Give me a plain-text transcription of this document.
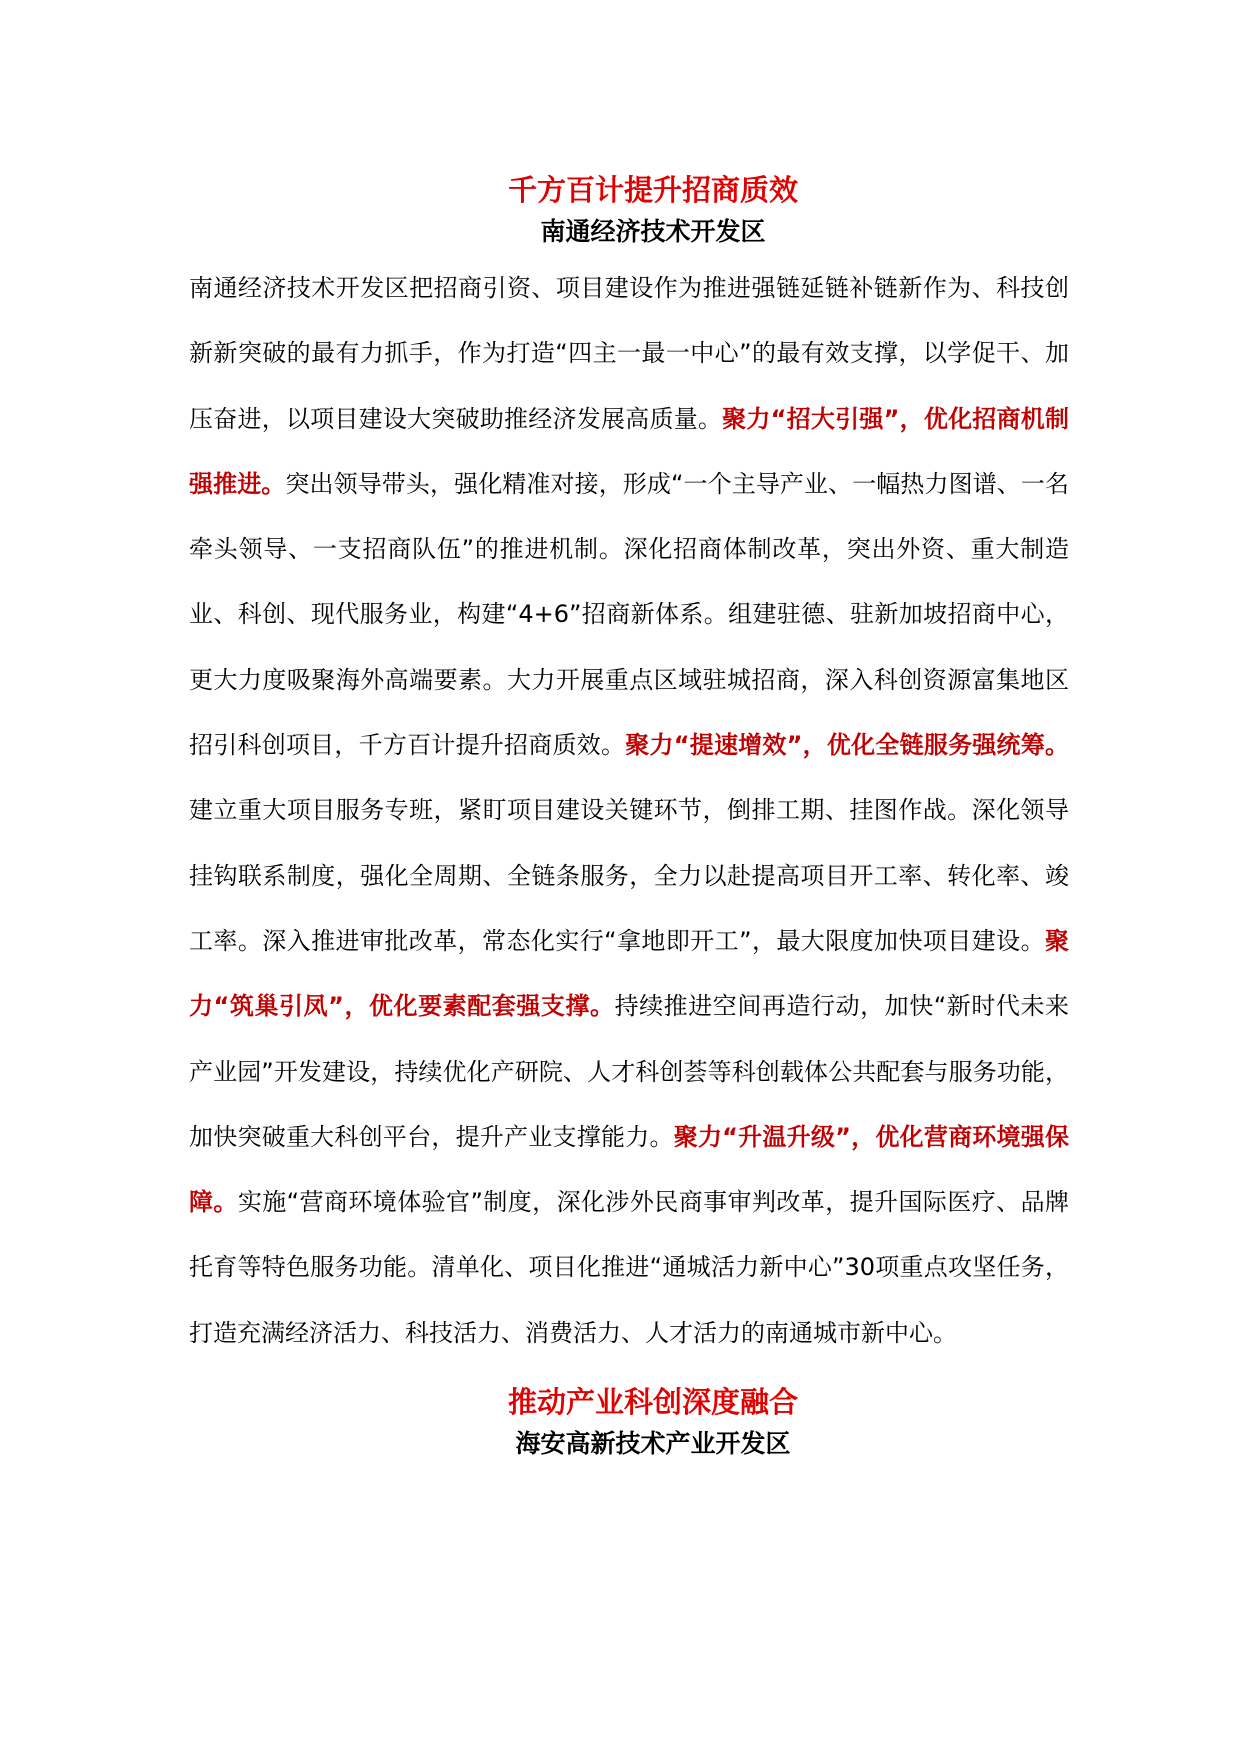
千方百计提升招商质效
南通经济技术开发区

南通经济技术开发区把招商引资、项目建设作为推进强链延链补链新作为、科技创新新突破的最有力抓手，作为打造“四主一最一中心”的最有效支撑，以学促干、加压奋进，以项目建设大突破助推经济发展高质量。聚力“招大引强”，优化招商机制强推进。突出领导带头，强化精准对接，形成“一个主导产业、一幅热力图谱、一名牵头领导、一支招商队伍”的推进机制。深化招商体制改革，突出外资、重大制造业、科创、现代服务业，构建“4+6”招商新体系。组建驻德、驻新加坡招商中心，更大力度吸聚海外高端要素。大力开展重点区域驻城招商，深入科创资源富集地区招引科创项目，千方百计提升招商质效。聚力“提速增效”，优化全链服务强统筹。建立重大项目服务专班，紧盯项目建设关键环节，倒排工期、挂图作战。深化领导挂钩联系制度，强化全周期、全链条服务，全力以赴提高项目开工率、转化率、竣工率。深入推进审批改革，常态化实行“拿地即开工”，最大限度加快项目建设。聚力“筑巢引凤”，优化要素配套强支撑。持续推进空间再造行动，加快“新时代未来产业园”开发建设，持续优化产研院、人才科创荟等科创载体公共配套与服务功能，加快突破重大科创平台，提升产业支撑能力。聚力“升温升级”，优化营商环境强保障。实施“营商环境体验官”制度，深化涉外民商事审判改革，提升国际医疗、品牌托育等特色服务功能。清单化、项目化推进“通城活力新中心”30项重点攻坚任务，打造充满经济活力、科技活力、消费活力、人才活力的南通城市新中心。

推动产业科创深度融合
海安高新技术产业开发区
